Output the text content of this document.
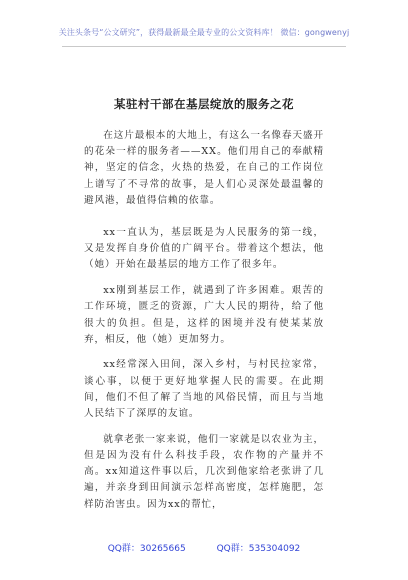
关注头条号“公文研究”，获得最新最全最专业的公文资料库！ 微信：gongwenyj
某驻村干部在基层绽放的服务之花

在这片最根本的大地上，有这么一名像春天盛开的花朵一样的服务者——XX。他们用自己的奉献精神，坚定的信念，火热的热爱，在自己的工作岗位上谱写了不寻常的故事，是人们心灵深处最温馨的避风港，最值得信赖的依靠。

xx一直认为，基层既是为人民服务的第一线，又是发挥自身价值的广阔平台。带着这个想法，他（她）开始在最基层的地方工作了很多年。

xx刚到基层工作，就遇到了许多困难。艰苦的工作环境，匮乏的资源，广大人民的期待，给了他很大的负担。但是，这样的困境并没有使某某放弃，相反，他（她）更加努力。

xx经常深入田间，深入乡村，与村民拉家常，谈心事，以便于更好地掌握人民的需要。在此期间，他们不但了解了当地的风俗民情，而且与当地人民结下了深厚的友谊。

就拿老张一家来说，他们一家就是以农业为主，但是因为没有什么科技手段，农作物的产量并不高。xx知道这件事以后，几次到他家给老张讲了几遍，并亲身到田间演示怎样高密度，怎样施肥，怎样防治害虫。因为xx的帮忙，

QQ群：30265665	QQ群：535304092
